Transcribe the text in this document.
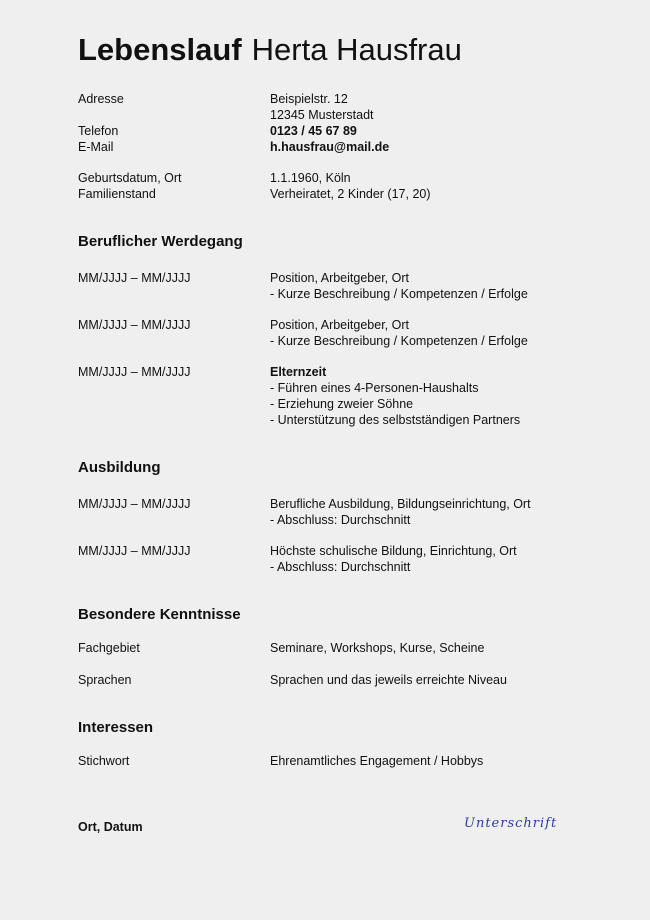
Lebenslauf Herta Hausfrau
Adresse	Beispielstr. 12
12345 Musterstadt
Telefon	0123 / 45 67 89
E-Mail	h.hausfrau@mail.de
Geburtsdatum, Ort	1.1.1960, Köln
Familienstand	Verheiratet, 2 Kinder (17, 20)
Beruflicher Werdegang
MM/JJJJ – MM/JJJJ	Position, Arbeitgeber, Ort
- Kurze Beschreibung / Kompetenzen / Erfolge
MM/JJJJ – MM/JJJJ	Position, Arbeitgeber, Ort
- Kurze Beschreibung / Kompetenzen / Erfolge
MM/JJJJ – MM/JJJJ	Elternzeit
- Führen eines 4-Personen-Haushalts
- Erziehung zweier Söhne
- Unterstützung des selbstständigen Partners
Ausbildung
MM/JJJJ – MM/JJJJ	Berufliche Ausbildung, Bildungseinrichtung, Ort
- Abschluss: Durchschnitt
MM/JJJJ – MM/JJJJ	Höchste schulische Bildung, Einrichtung, Ort
- Abschluss: Durchschnitt
Besondere Kenntnisse
Fachgebiet	Seminare, Workshops, Kurse, Scheine
Sprachen	Sprachen und das jeweils erreichte Niveau
Interessen
Stichwort	Ehrenamtliches Engagement / Hobbys
Ort, Datum	Unterschrift
